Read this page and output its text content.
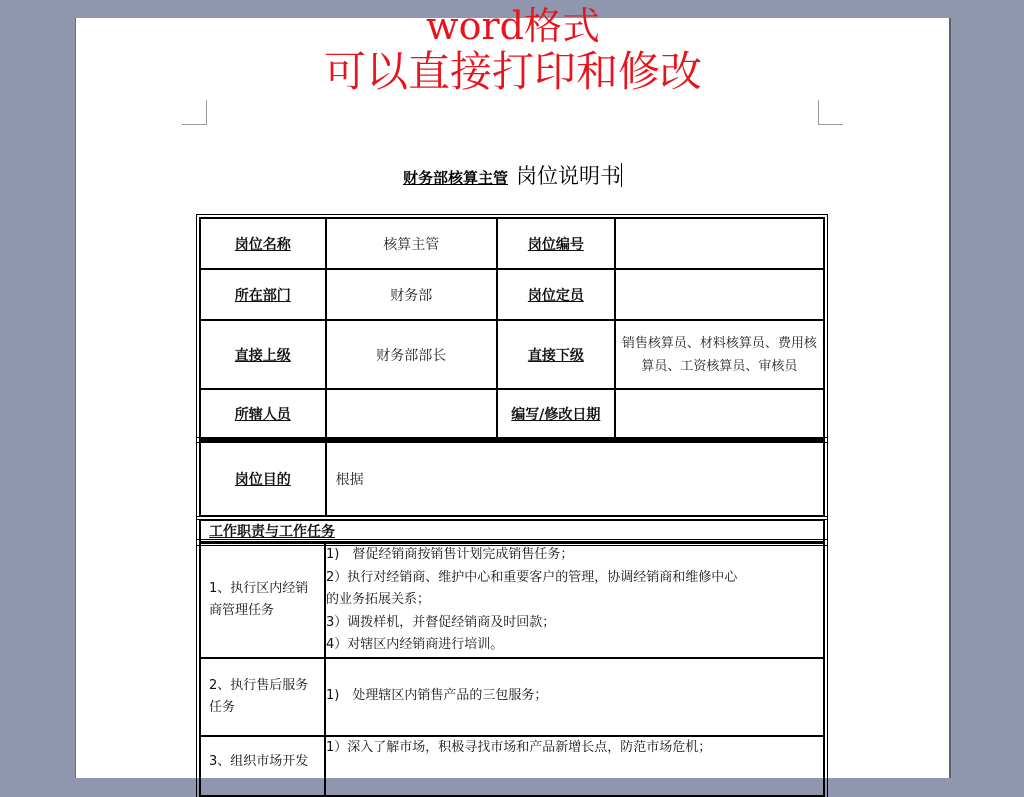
word格式
可以直接打印和修改
财务部核算主管 岗位说明书
岗位名称	核算主管	岗位编号	
所在部门	财务部	岗位定员	
直接上级	财务部部长	直接下级	销售核算员、材料核算员、费用核算员、工资核算员、审核员
所辖人员		编写/修改日期	
岗位目的	根据
工作职责与工作任务
1、执行区内经销商管理任务	1)　督促经销商按销售计划完成销售任务；
2）执行对经销商、维护中心和重要客户的管理，协调经销商和维修中心
的业务拓展关系；
3）调拨样机，并督促经销商及时回款；
4）对辖区内经销商进行培训。

2、执行售后服务任务	1)　处理辖区内销售产品的三包服务；

3、组织市场开发	1）深入了解市场，积极寻找市场和产品新增长点，防范市场危机；
